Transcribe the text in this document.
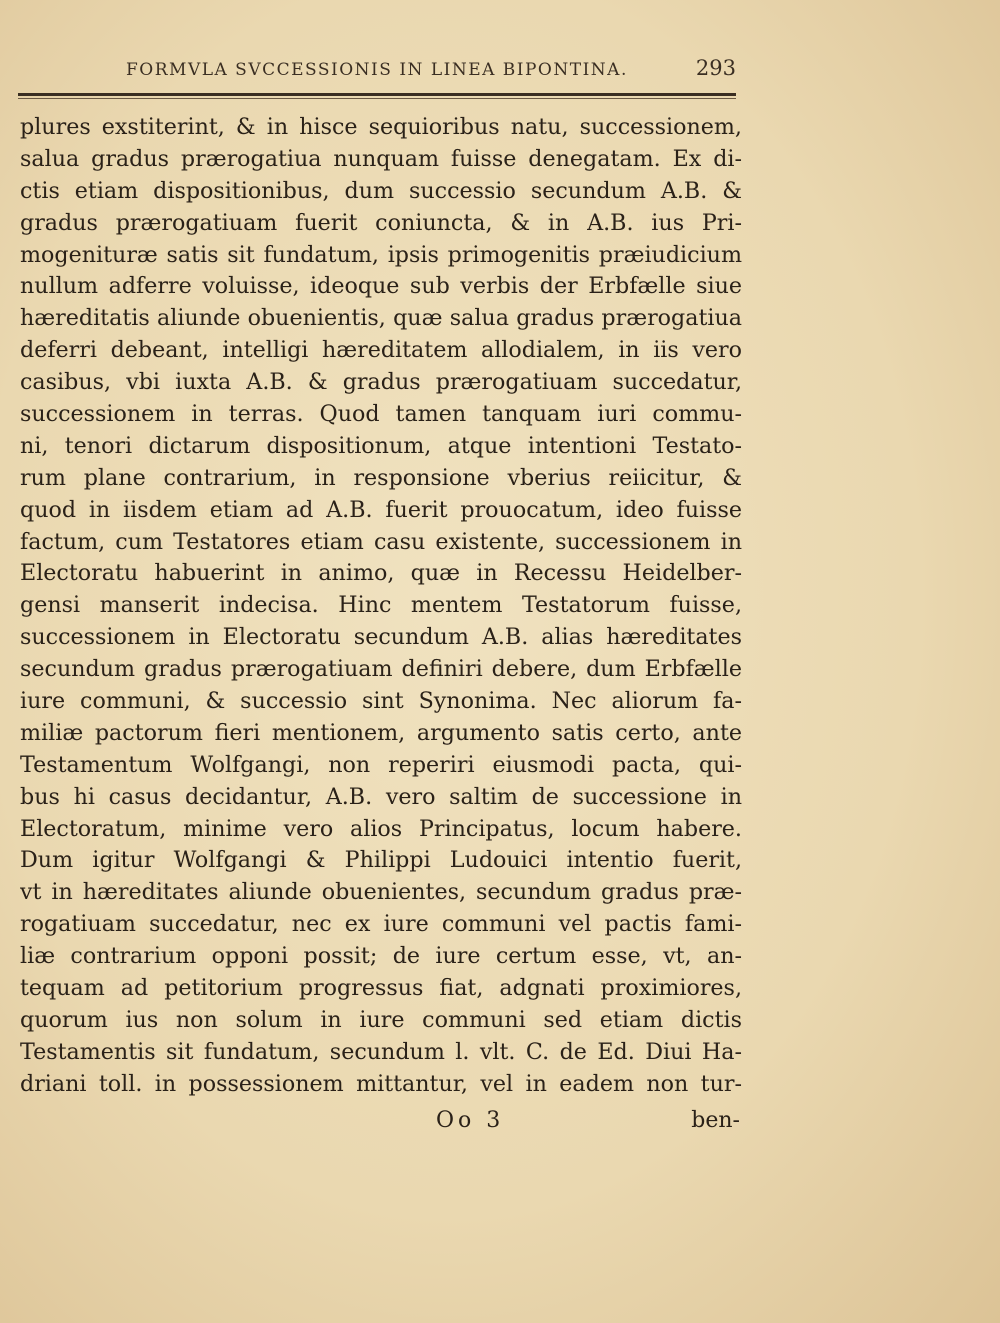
FORMVLA SVCCESSIONIS IN LINEA BIPONTINA.	293
plures exstiterint, & in hisce sequioribus natu, successionem,
salua gradus prærogatiua nunquam fuisse denegatam. Ex di-
ctis etiam dispositionibus, dum successio secundum A.B. &
gradus prærogatiuam fuerit coniuncta, & in A.B. ius Pri-
mogenituræ satis sit fundatum, ipsis primogenitis præiudicium
nullum adferre voluisse, ideoque sub verbis der Erbfælle siue
hæreditatis aliunde obuenientis, quæ salua gradus prærogatiua
deferri debeant, intelligi hæreditatem allodialem, in iis vero
casibus, vbi iuxta A.B. & gradus prærogatiuam succedatur,
successionem in terras. Quod tamen tanquam iuri commu-
ni, tenori dictarum dispositionum, atque intentioni Testato-
rum plane contrarium, in responsione vberius reiicitur, &
quod in iisdem etiam ad A.B. fuerit prouocatum, ideo fuisse
factum, cum Testatores etiam casu existente, successionem in
Electoratu habuerint in animo, quæ in Recessu Heidelber-
gensi manserit indecisa. Hinc mentem Testatorum fuisse,
successionem in Electoratu secundum A.B. alias hæreditates
secundum gradus prærogatiuam definiri debere, dum Erbfælle
iure communi, & successio sint Synonima. Nec aliorum fa-
miliæ pactorum fieri mentionem, argumento satis certo, ante
Testamentum Wolfgangi, non reperiri eiusmodi pacta, qui-
bus hi casus decidantur, A.B. vero saltim de successione in
Electoratum, minime vero alios Principatus, locum habere.
Dum igitur Wolfgangi & Philippi Ludouici intentio fuerit,
vt in hæreditates aliunde obuenientes, secundum gradus præ-
rogatiuam succedatur, nec ex iure communi vel pactis fami-
liæ contrarium opponi possit; de iure certum esse, vt, an-
tequam ad petitorium progressus fiat, adgnati proximiores,
quorum ius non solum in iure communi sed etiam dictis
Testamentis sit fundatum, secundum l. vlt. C. de Ed. Diui Ha-
driani toll. in possessionem mittantur, vel in eadem non tur-
Oo 3	ben-
